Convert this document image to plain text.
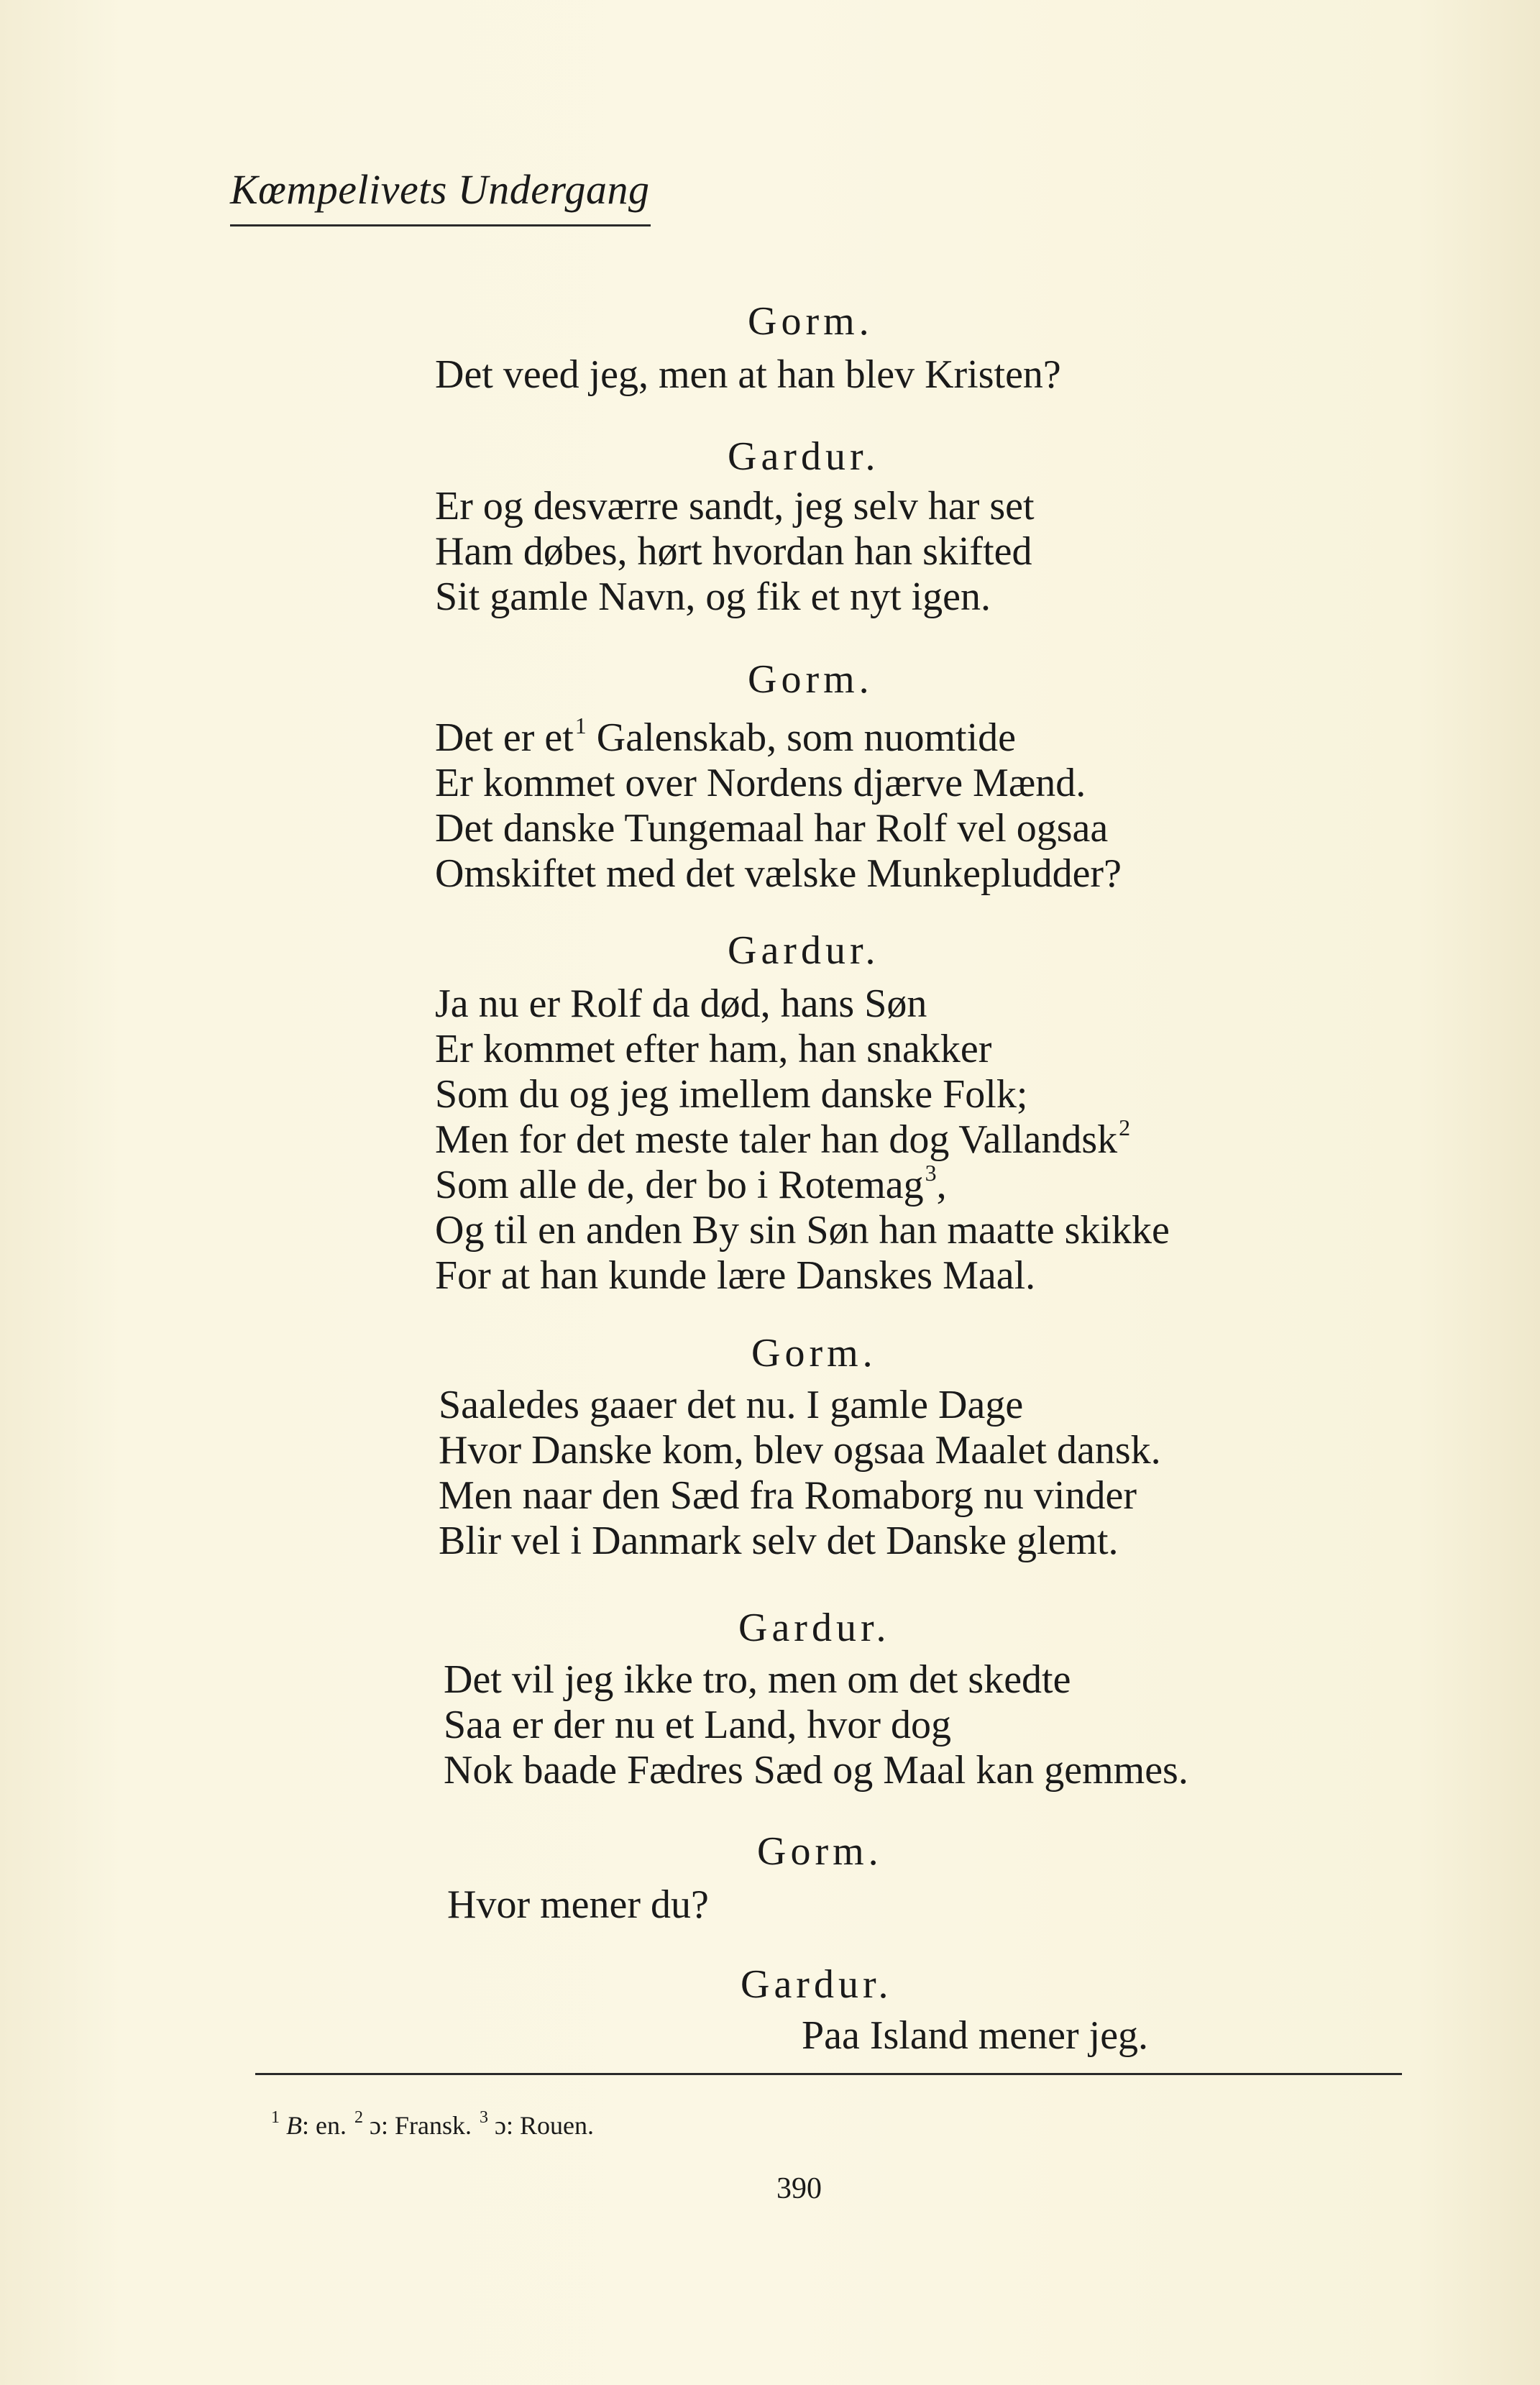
Kœmpelivets Undergang
Gorm.
Det veed jeg, men at han blev Kristen?
Gardur.
Er og desværre sandt, jeg selv har set
Ham døbes, hørt hvordan han skifted
Sit gamle Navn, og fik et nyt igen.
Gorm.
Det er $et^1$ Galenskab, som nuomtide
Er kommet over Nordens djærve Mænd.
Det danske Tungemaal har Rolf vel ogsaa
Omskiftet med det vælske Munkepludder?
Gardur.
Ja nu er Rolf da død, hans Søn
Er kommet efter ham, han snakker
Som du og jeg imellem danske Folk;
Men for det meste taler han dog Vallandsk$^2$
Som alle de, der bo i Rotemag$^3$,
Og til en anden By sin Søn han maatte skikke
For at han kunde lære Danskes Maal.
Gorm.
Saaledes gaaer det nu. I gamle Dage
Hvor Danske kom, blev ogsaa Maalet dansk.
Men naar den Sæd fra Romaborg nu vinder
Blir vel i Danmark selv det Danske glemt.
Gardur.
Det vil jeg ikke tro, men om det skedte
Saa er der nu et Land, hvor dog
Nok baade Fædres Sæd og Maal kan gemmes.
Gorm.
Hvor mener du?
Gardur.
Paa Island mener jeg.
$^1$ B: en. $^2$ ɔ: Fransk. $^3$ ɔ: Rouen.
390
